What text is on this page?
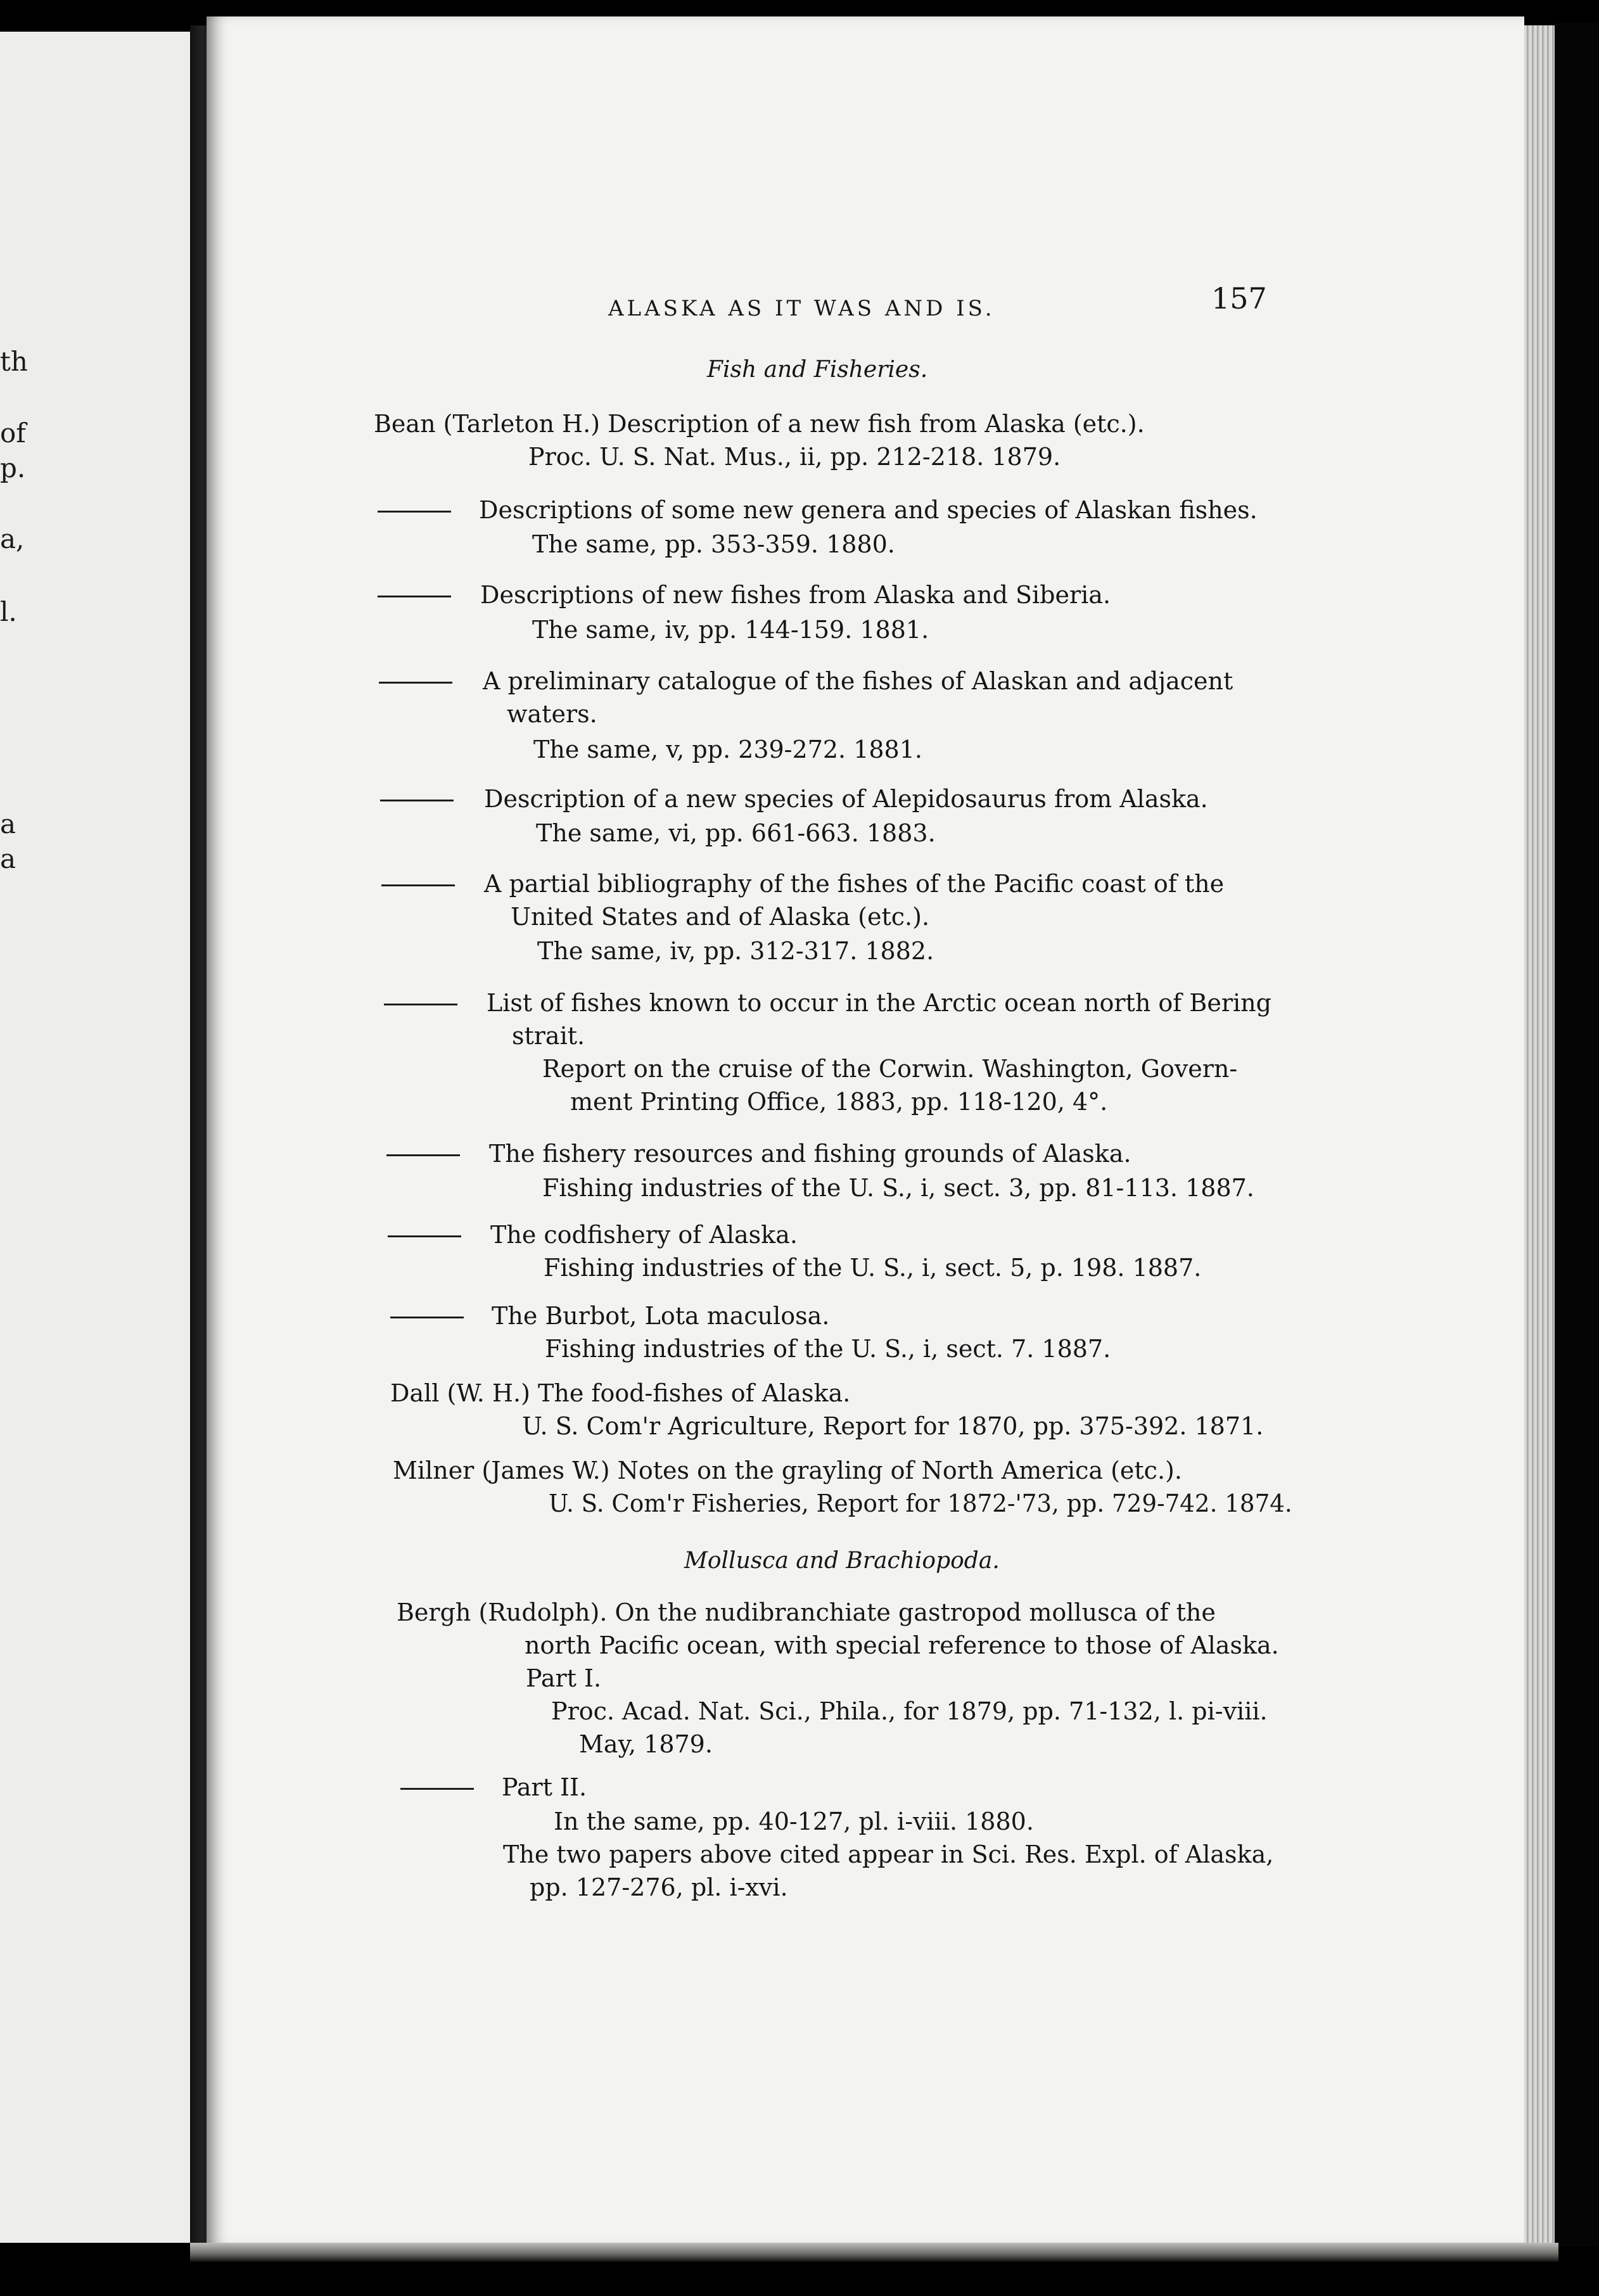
th
of
p.
a,
l.
a
a
ALASKA AS IT WAS AND IS.	157
Fish and Fisheries.
Bean (Tarleton H.) Description of a new fish from Alaska (etc.).
Proc. U. S. Nat. Mus., ii, pp. 212-218. 1879.
Descriptions of some new genera and species of Alaskan fishes.
The same, pp. 353-359. 1880.
Descriptions of new fishes from Alaska and Siberia.
The same, iv, pp. 144-159. 1881.
A preliminary catalogue of the fishes of Alaskan and adjacent
waters.
The same, v, pp. 239-272. 1881.
Description of a new species of Alepidosaurus from Alaska.
The same, vi, pp. 661-663. 1883.
A partial bibliography of the fishes of the Pacific coast of the
United States and of Alaska (etc.).
The same, iv, pp. 312-317. 1882.
List of fishes known to occur in the Arctic ocean north of Bering
strait.
Report on the cruise of the Corwin. Washington, Govern-
ment Printing Office, 1883, pp. 118-120, 4°.
The fishery resources and fishing grounds of Alaska.
Fishing industries of the U. S., i, sect. 3, pp. 81-113. 1887.
The codfishery of Alaska.
Fishing industries of the U. S., i, sect. 5, p. 198. 1887.
The Burbot, Lota maculosa.
Fishing industries of the U. S., i, sect. 7. 1887.
Dall (W. H.) The food-fishes of Alaska.
U. S. Com'r Agriculture, Report for 1870, pp. 375-392. 1871.
Milner (James W.) Notes on the grayling of North America (etc.).
U. S. Com'r Fisheries, Report for 1872-'73, pp. 729-742. 1874.
Mollusca and Brachiopoda.
Bergh (Rudolph). On the nudibranchiate gastropod mollusca of the
north Pacific ocean, with special reference to those of Alaska.
Part I.
Proc. Acad. Nat. Sci., Phila., for 1879, pp. 71-132, l. pi-viii.
May, 1879.
Part II.
In the same, pp. 40-127, pl. i-viii. 1880.
The two papers above cited appear in Sci. Res. Expl. of Alaska,
pp. 127-276, pl. i-xvi.
